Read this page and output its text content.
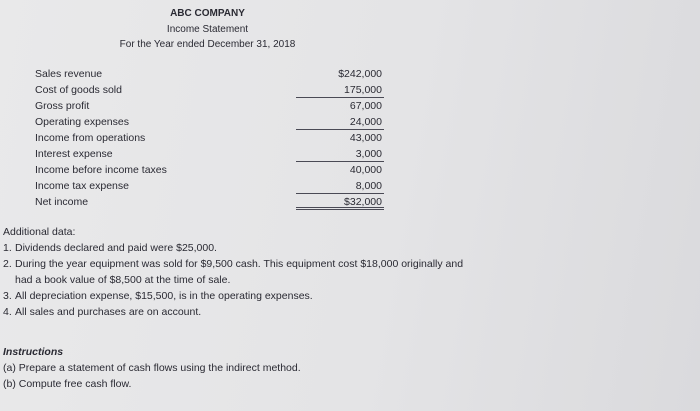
ABC COMPANY
Income Statement
For the Year ended December 31, 2018
Sales revenue
Cost of goods sold
Gross profit
Operating expenses
Income from operations
Interest expense
Income before income taxes
Income tax expense
Net income
$242,000
175,000
67,000
24,000
43,000
3,000
40,000
8,000
$32,000
Additional data:
1. Dividends declared and paid were $25,000.
2. During the year equipment was sold for $9,500 cash. This equipment cost $18,000 originally and had a book value of $8,500 at the time of sale.
3. All depreciation expense, $15,500, is in the operating expenses.
4. All sales and purchases are on account.
Instructions
(a) Prepare a statement of cash flows using the indirect method.
(b) Compute free cash flow.
